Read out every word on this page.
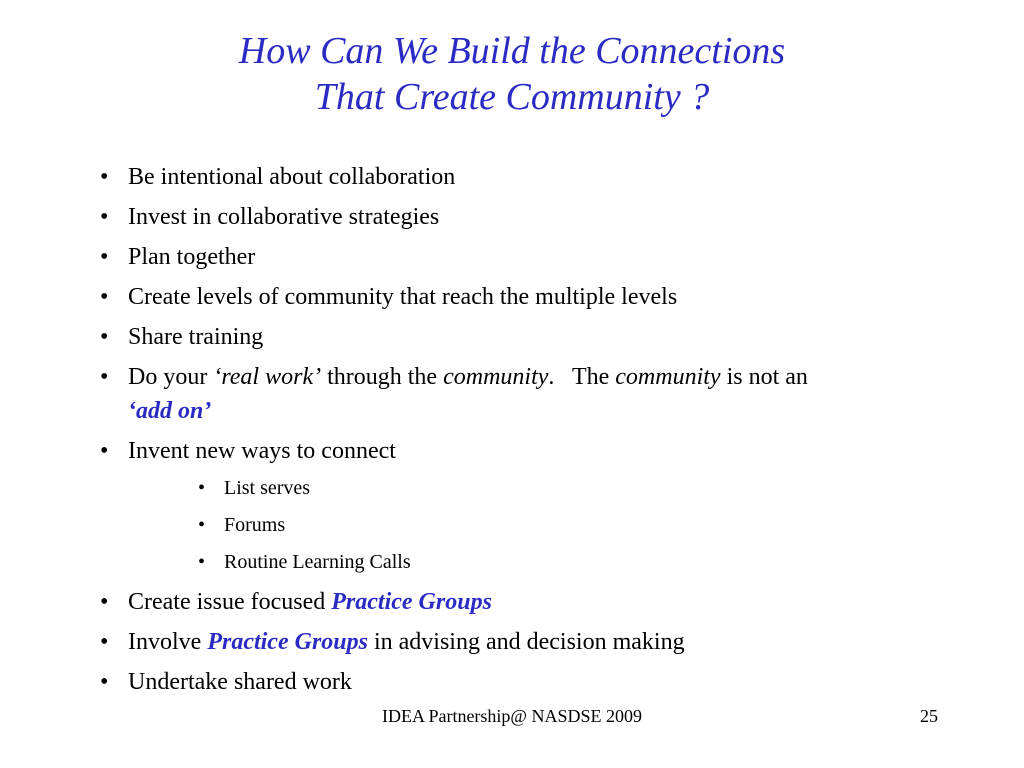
How Can We Build the Connections
That Create Community ?
• Be intentional about collaboration
• Invest in collaborative strategies
• Plan together
• Create levels of community that reach the multiple levels
• Share training
• Do your ‘real work’ through the community.   The community is not an
‘add on’
• Invent new ways to connect
• List serves
• Forums
• Routine Learning Calls
• Create issue focused Practice Groups
• Involve Practice Groups in advising and decision making
• Undertake shared work
IDEA Partnership@ NASDSE 2009	25
